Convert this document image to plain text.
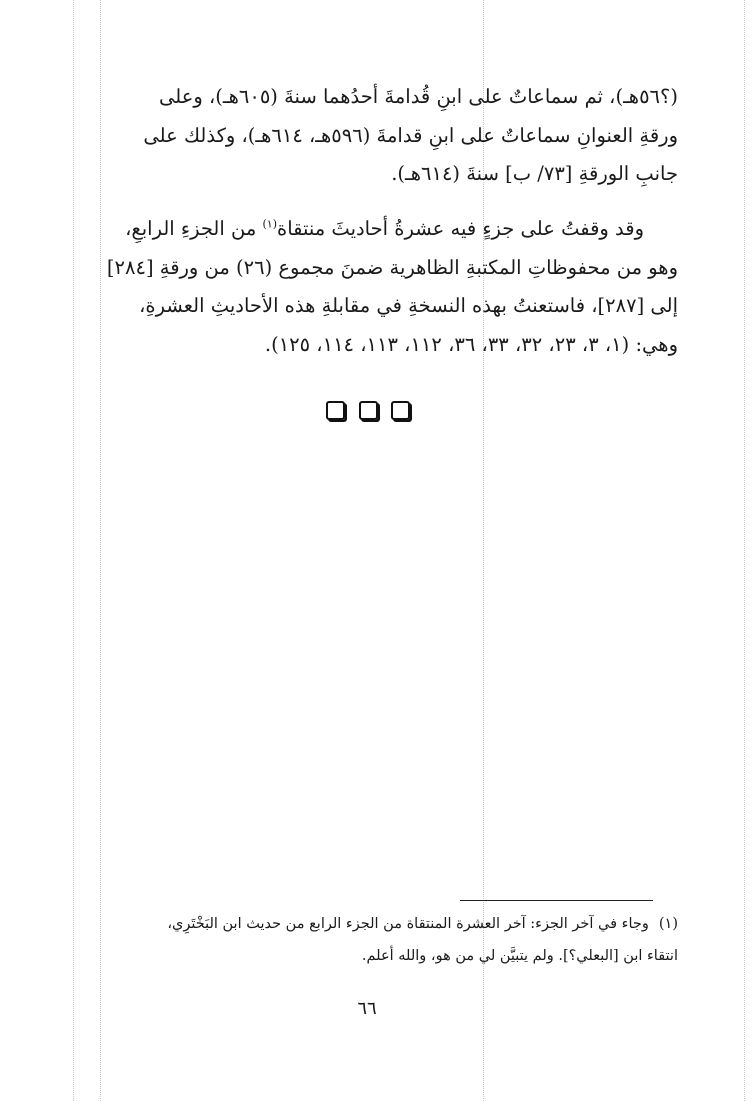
(؟٥٦هـ)، ثم سماعاتٌ على ابنِ قُدامةَ أحدُهما سنةَ (٦٠٥هـ)، وعلى

ورقةِ العنوانِ سماعاتٌ على ابنِ قدامةَ (٥٩٦هـ، ٦١٤هـ)، وكذلك على

جانبِ الورقةِ [٧٣/ ب] سنةَ (٦١٤هـ).

وقد وقفتُ على جزءٍ فيه عشرةُ أحاديثَ منتقاة$^{(١)}$ من الجزءِ الرابعِ،

وهو من محفوظاتِ المكتبةِ الظاهرية ضمنَ مجموع (٢٦) من ورقةِ [٢٨٤]

إلى [٢٨٧]، فاستعنتُ بهذه النسخةِ في مقابلةِ هذه الأحاديثِ العشرةِ،

وهي: (١، ٣، ٢٣، ٣٢، ٣٣، ٣٦، ١١٢، ١١٣، ١١٤، ١٢٥).

(١)وجاء في آخر الجزء: آخر العشرة المنتقاة من الجزء الرابع من حديث ابن البَخْتَرِي،

انتقاء ابن [البعلي؟]. ولم يتبيَّن لي من هو، والله أعلم.

٦٦
